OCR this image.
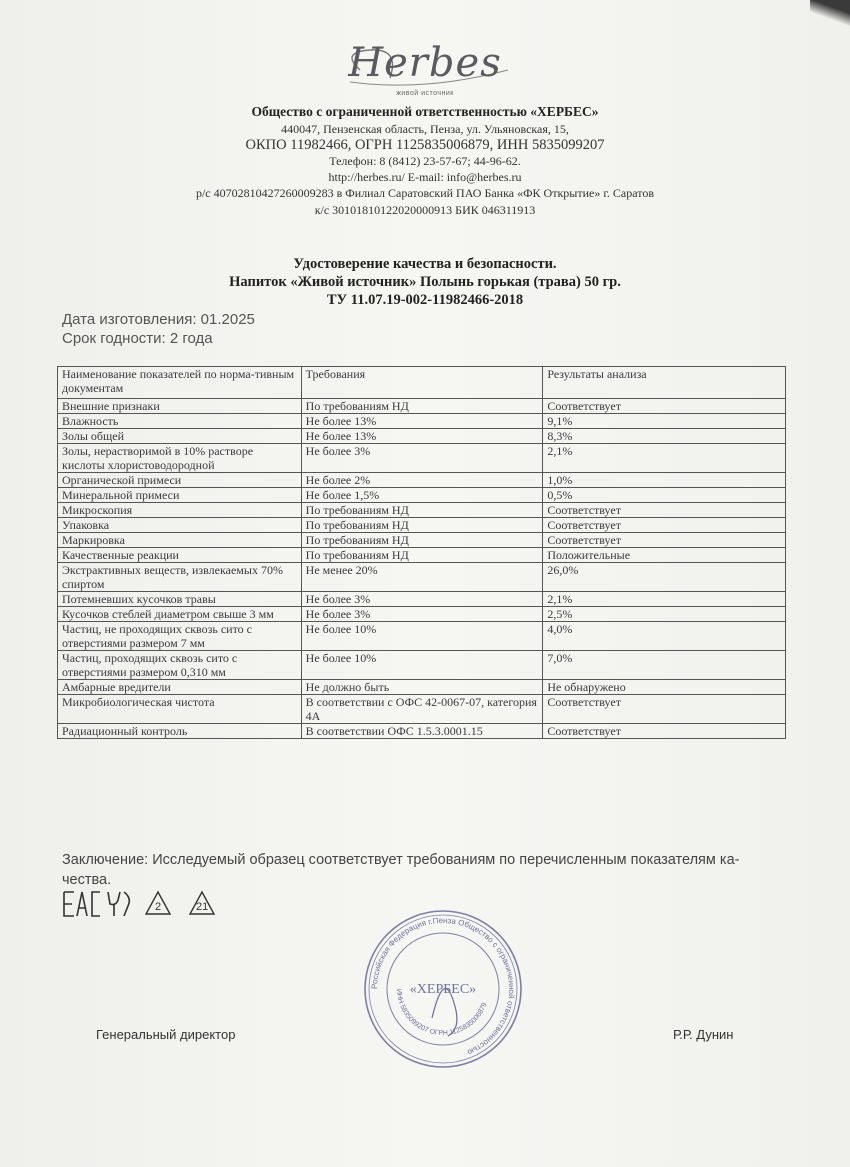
Herbes
живой источник
Общество с ограниченной ответственностью «ХЕРБЕС»
440047, Пензенская область, Пенза, ул. Ульяновская, 15,
ОКПО 11982466, ОГРН 1125835006879, ИНН 5835099207
Телефон: 8 (8412) 23-57-67; 44-96-62.
http://herbes.ru/ E-mail: info@herbes.ru
р/с 40702810427260009283 в Филиал Саратовский ПАО Банка «ФК Открытие» г. Саратов
к/с 30101810122020000913 БИК 046311913
Удостоверение качества и безопасности.
Напиток «Живой источник» Полынь горькая (трава) 50 гр.
ТУ 11.07.19-002-11982466-2018
Дата изготовления: 01.2025
Срок годности: 2 года
Наименование показателей по норма-тивным документам	Требования	Результаты анализа
Внешние признаки	По требованиям НД	Соответствует
Влажность	Не более 13%	9,1%
Золы общей	Не более 13%	8,3%
Золы, нерастворимой в 10% растворе кислоты хлористоводородной	Не более 3%	2,1%
Органической примеси	Не более 2%	1,0%
Минеральной примеси	Не более 1,5%	0,5%
Микроскопия	По требованиям НД	Соответствует
Упаковка	По требованиям НД	Соответствует
Маркировка	По требованиям НД	Соответствует
Качественные реакции	По требованиям НД	Положительные
Экстрактивных веществ, извлекаемых 70% спиртом	Не менее 20%	26,0%
Потемневших кусочков травы	Не более 3%	2,1%
Кусочков стеблей диаметром свыше 3 мм	Не более 3%	2,5%
Частиц, не проходящих сквозь сито с отверстиями размером 7 мм	Не более 10%	4,0%
Частиц, проходящих сквозь сито с отверстиями размером 0,310 мм	Не более 10%	7,0%
Амбарные вредители	Не должно быть	Не обнаружено
Микробиологическая чистота	В соответствии с ОФС 42-0067-07, категория 4А	Соответствует
Радиационный контроль	В соответствии ОФС 1.5.3.0001.15	Соответствует
Заключение: Исследуемый образец соответствует требованиям по перечисленным показателям ка-чества.
2	21
Российская Федерация г.Пенза Общество с ограниченной ответственностью
ИНН 5835099207 ОГРН 1125835006879
«ХЕРБЕС»
Генеральный директор	Р.Р. Дунин
